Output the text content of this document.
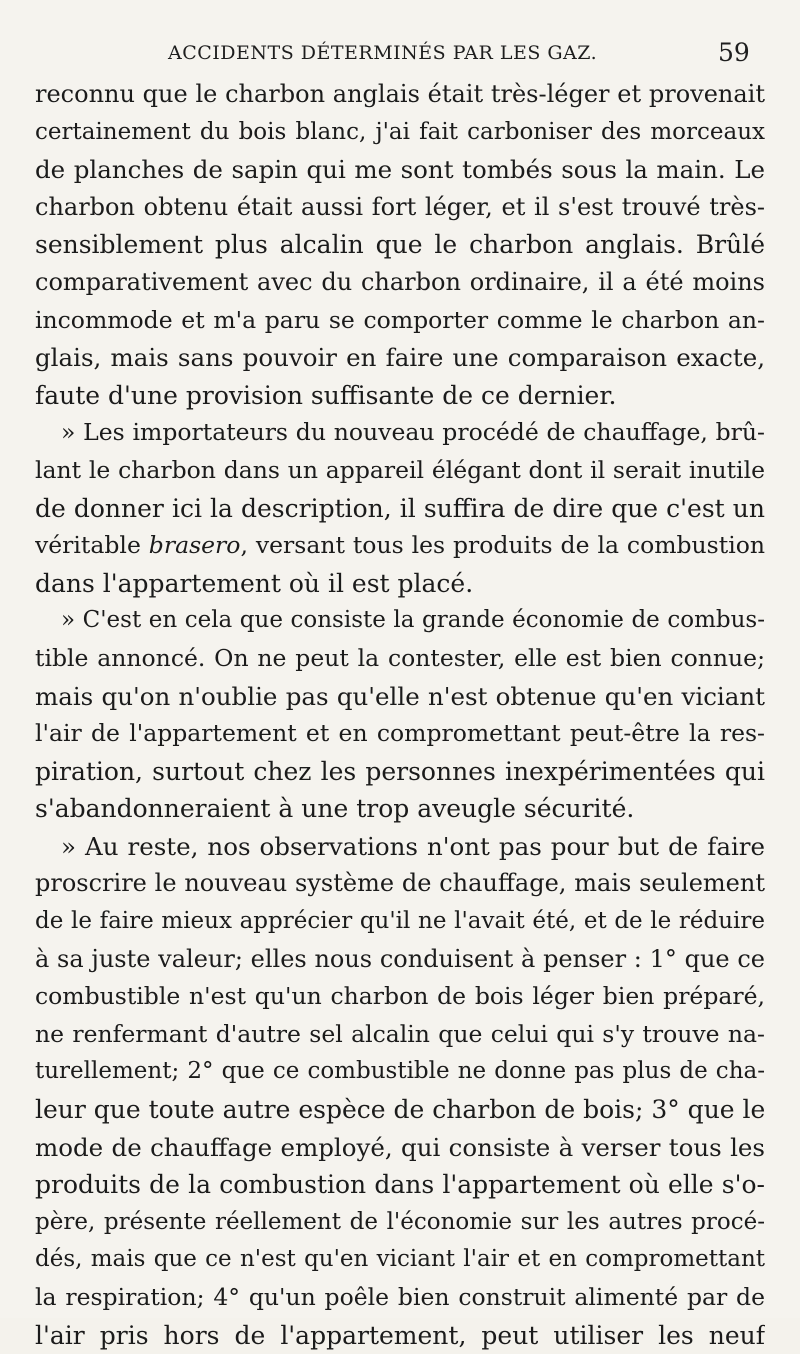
ACCIDENTS DÉTERMINÉS PAR LES GAZ.	59
reconnu que le charbon anglais était très-léger et provenait
certainement du bois blanc, j'ai fait carboniser des morceaux
de planches de sapin qui me sont tombés sous la main. Le
charbon obtenu était aussi fort léger, et il s'est trouvé très-
sensiblement plus alcalin que le charbon anglais. Brûlé
comparativement avec du charbon ordinaire, il a été moins
incommode et m'a paru se comporter comme le charbon an-
glais, mais sans pouvoir en faire une comparaison exacte,
faute d'une provision suffisante de ce dernier.
» Les importateurs du nouveau procédé de chauffage, brû-
lant le charbon dans un appareil élégant dont il serait inutile
de donner ici la description, il suffira de dire que c'est un
véritable brasero, versant tous les produits de la combustion
dans l'appartement où il est placé.
» C'est en cela que consiste la grande économie de combus-
tible annoncé. On ne peut la contester, elle est bien connue;
mais qu'on n'oublie pas qu'elle n'est obtenue qu'en viciant
l'air de l'appartement et en compromettant peut-être la res-
piration, surtout chez les personnes inexpérimentées qui
s'abandonneraient à une trop aveugle sécurité.
» Au reste, nos observations n'ont pas pour but de faire
proscrire le nouveau système de chauffage, mais seulement
de le faire mieux apprécier qu'il ne l'avait été, et de le réduire
à sa juste valeur; elles nous conduisent à penser : 1° que ce
combustible n'est qu'un charbon de bois léger bien préparé,
ne renfermant d'autre sel alcalin que celui qui s'y trouve na-
turellement; 2° que ce combustible ne donne pas plus de cha-
leur que toute autre espèce de charbon de bois; 3° que le
mode de chauffage employé, qui consiste à verser tous les
produits de la combustion dans l'appartement où elle s'o-
père, présente réellement de l'économie sur les autres procé-
dés, mais que ce n'est qu'en viciant l'air et en compromettant
la respiration; 4° qu'un poêle bien construit alimenté par de
l'air pris hors de l'appartement, peut utiliser les neuf
